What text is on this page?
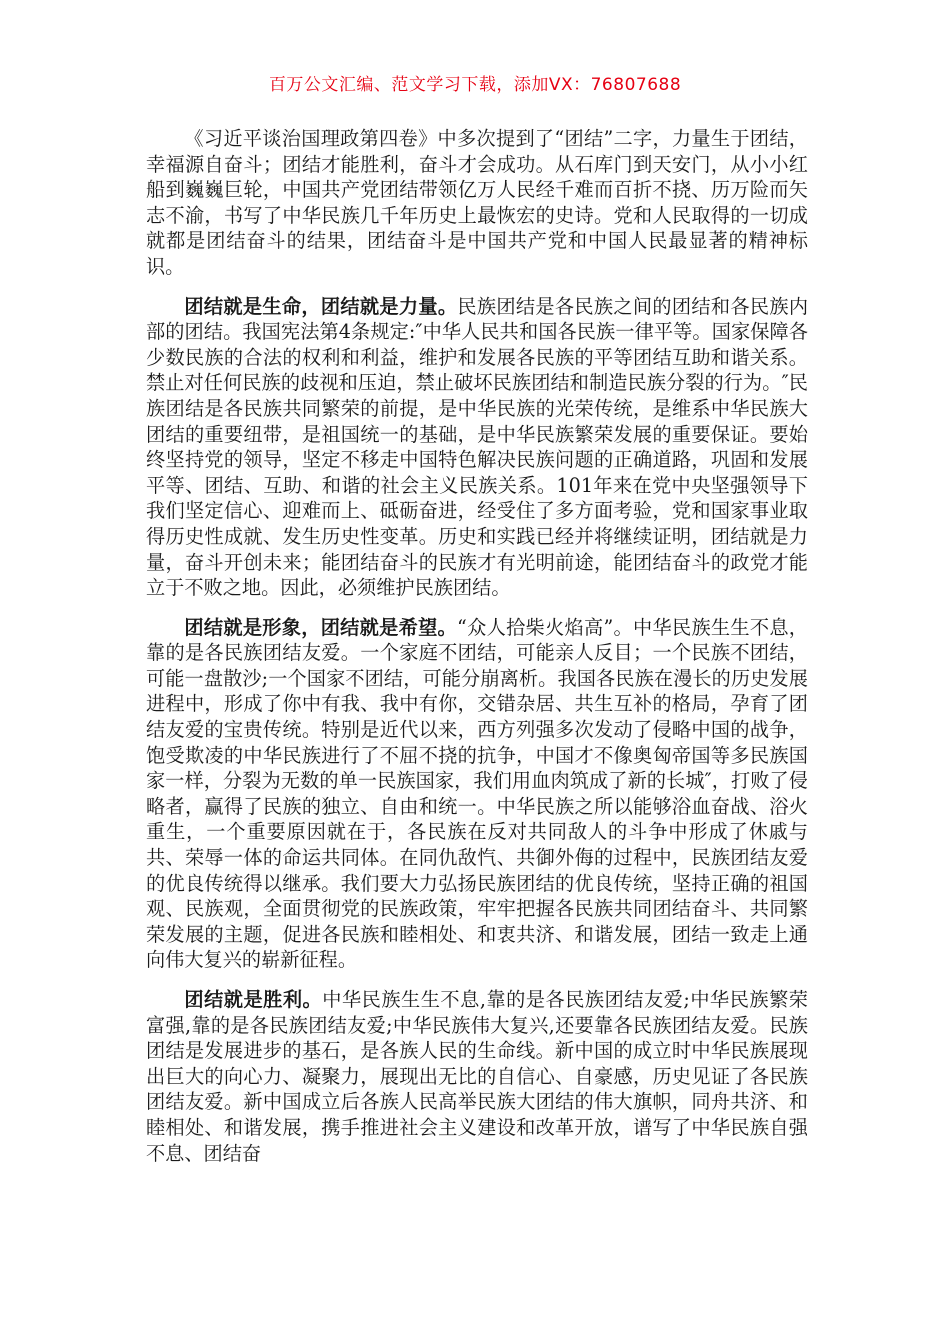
百万公文汇编、范文学习下载，添加VX：76807688

《习近平谈治国理政第四卷》中多次提到了“团结”二字，力量生于团结，幸福源自奋斗；团结才能胜利，奋斗才会成功。从石库门到天安门，从小小红船到巍巍巨轮，中国共产党团结带领亿万人民经千难而百折不挠、历万险而矢志不渝，书写了中华民族几千年历史上最恢宏的史诗。党和人民取得的一切成就都是团结奋斗的结果，团结奋斗是中国共产党和中国人民最显著的精神标识。

团结就是生命，团结就是力量。民族团结是各民族之间的团结和各民族内部的团结。我国宪法第4条规定:″中华人民共和国各民族一律平等。国家保障各少数民族的合法的权利和利益，维护和发展各民族的平等团结互助和谐关系。禁止对任何民族的歧视和压迫，禁止破坏民族团结和制造民族分裂的行为。″民族团结是各民族共同繁荣的前提，是中华民族的光荣传统，是维系中华民族大团结的重要纽带，是祖国统一的基础，是中华民族繁荣发展的重要保证。要始终坚持党的领导，坚定不移走中国特色解决民族问题的正确道路，巩固和发展平等、团结、互助、和谐的社会主义民族关系。101年来在党中央坚强领导下我们坚定信心、迎难而上、砥砺奋进，经受住了多方面考验，党和国家事业取得历史性成就、发生历史性变革。历史和实践已经并将继续证明，团结就是力量，奋斗开创未来；能团结奋斗的民族才有光明前途，能团结奋斗的政党才能立于不败之地。因此，必须维护民族团结。

团结就是形象，团结就是希望。“众人拾柴火焰高”。中华民族生生不息，靠的是各民族团结友爱。一个家庭不团结，可能亲人反目；一个民族不团结，可能一盘散沙;一个国家不团结，可能分崩离析。我国各民族在漫长的历史发展进程中，形成了你中有我、我中有你，交错杂居、共生互补的格局，孕育了团结友爱的宝贵传统。特别是近代以来，西方列强多次发动了侵略中国的战争，饱受欺凌的中华民族进行了不屈不挠的抗争，中国才不像奥匈帝国等多民族国家一样，分裂为无数的单一民族国家，我们用血肉筑成了新的长城″，打败了侵略者，赢得了民族的独立、自由和统一。中华民族之所以能够浴血奋战、浴火重生，一个重要原因就在于，各民族在反对共同敌人的斗争中形成了休戚与共、荣辱一体的命运共同体。在同仇敌忾、共御外侮的过程中，民族团结友爱的优良传统得以继承。我们要大力弘扬民族团结的优良传统，坚持正确的祖国观、民族观，全面贯彻党的民族政策，牢牢把握各民族共同团结奋斗、共同繁荣发展的主题，促进各民族和睦相处、和衷共济、和谐发展，团结一致走上通向伟大复兴的崭新征程。

团结就是胜利。中华民族生生不息,靠的是各民族团结友爱;中华民族繁荣富强,靠的是各民族团结友爱;中华民族伟大复兴,还要靠各民族团结友爱。民族团结是发展进步的基石，是各族人民的生命线。新中国的成立时中华民族展现出巨大的向心力、凝聚力，展现出无比的自信心、自豪感，历史见证了各民族团结友爱。新中国成立后各族人民高举民族大团结的伟大旗帜，同舟共济、和睦相处、和谐发展，携手推进社会主义建设和改革开放，谱写了中华民族自强不息、团结奋
